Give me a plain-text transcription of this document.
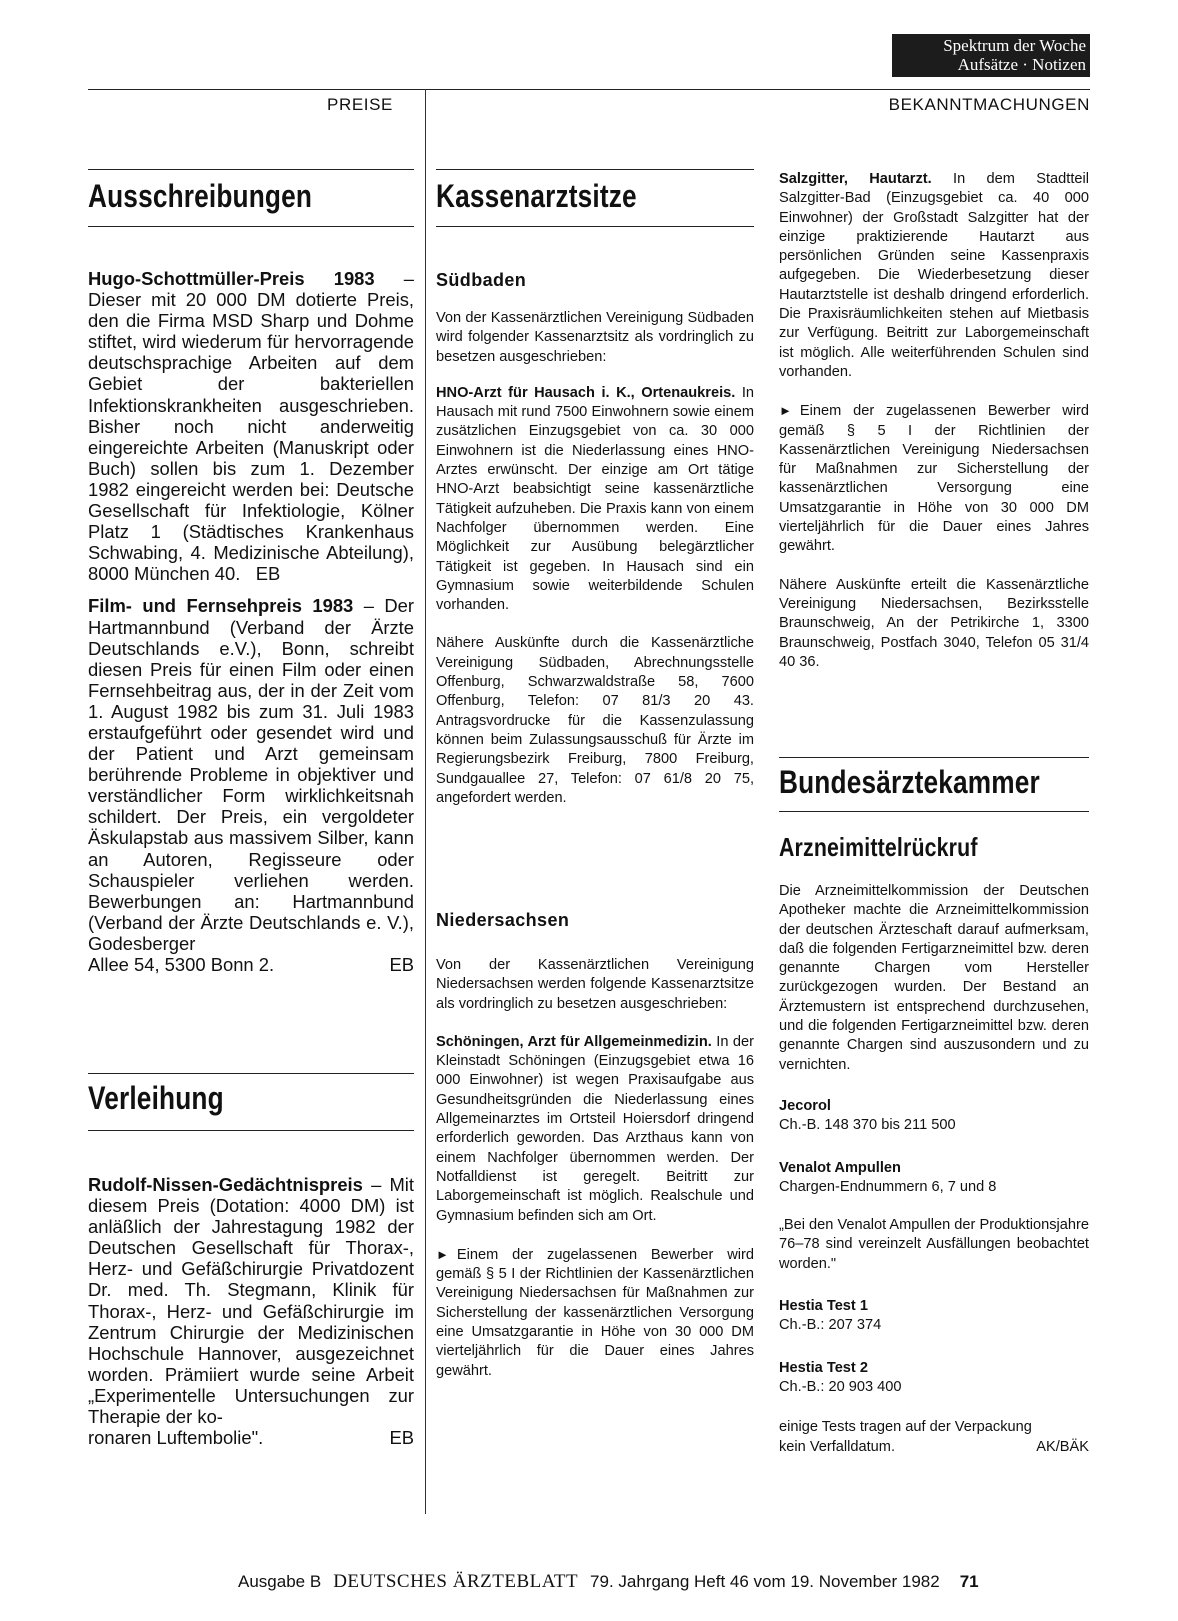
Spektrum der Woche
Aufsätze · Notizen
PREISE	BEKANNTMACHUNGEN
Ausschreibungen

Hugo-Schottmüller-Preis 1983 – Dieser mit 20 000 DM dotierte Preis, den die Firma MSD Sharp und Dohme stiftet, wird wiederum für hervorragende deutschsprachige Arbeiten auf dem Gebiet der bakteriellen Infektionskrankheiten ausgeschrieben. Bisher noch nicht anderweitig eingereichte Arbeiten (Manuskript oder Buch) sollen bis zum 1. Dezember 1982 eingereicht werden bei: Deutsche Gesellschaft für Infektiologie, Kölner Platz 1 (Städtisches Krankenhaus Schwabing, 4. Medizinische Abteilung), 8000 München 40. EB

Film- und Fernsehpreis 1983 – Der Hartmannbund (Verband der Ärzte Deutschlands e.V.), Bonn, schreibt diesen Preis für einen Film oder einen Fernsehbeitrag aus, der in der Zeit vom 1. August 1982 bis zum 31. Juli 1983 erstaufgeführt oder gesendet wird und der Patient und Arzt gemeinsam berührende Probleme in objektiver und verständlicher Form wirklichkeitsnah schildert. Der Preis, ein vergoldeter Äskulapstab aus massivem Silber, kann an Autoren, Regisseure oder Schauspieler verliehen werden. Bewerbungen an: Hartmannbund (Verband der Ärzte Deutschlands e. V.), Godesberger

Allee 54, 5300 Bonn 2.	EB
Verleihung

Rudolf-Nissen-Gedächtnispreis – Mit diesem Preis (Dotation: 4000 DM) ist anläßlich der Jahrestagung 1982 der Deutschen Gesellschaft für Thorax-, Herz- und Gefäßchirurgie Privatdozent Dr. med. Th. Stegmann, Klinik für Thorax-, Herz- und Gefäßchirurgie im Zentrum Chirurgie der Medizinischen Hochschule Hannover, ausgezeichnet worden. Prämiiert wurde seine Arbeit „Experimentelle Untersuchungen zur Therapie der ko-

ronaren Luftembolie".	EB
Kassenarztsitze
Südbaden

Von der Kassenärztlichen Vereinigung Südbaden wird folgender Kassenarztsitz als vordringlich zu besetzen ausgeschrieben:

HNO-Arzt für Hausach i. K., Ortenaukreis. In Hausach mit rund 7500 Einwohnern sowie einem zusätzlichen Einzugsgebiet von ca. 30 000 Einwohnern ist die Niederlassung eines HNO-Arztes erwünscht. Der einzige am Ort tätige HNO-Arzt beabsichtigt seine kassenärztliche Tätigkeit aufzuheben. Die Praxis kann von einem Nachfolger übernommen werden. Eine Möglichkeit zur Ausübung belegärztlicher Tätigkeit ist gegeben. In Hausach sind ein Gymnasium sowie weiterbildende Schulen vorhanden.

Nähere Auskünfte durch die Kassenärztliche Vereinigung Südbaden, Abrechnungsstelle Offenburg, Schwarzwaldstraße 58, 7600 Offenburg, Telefon: 07 81/3 20 43. Antragsvordrucke für die Kassenzulassung können beim Zulassungsausschuß für Ärzte im Regierungsbezirk Freiburg, 7800 Freiburg, Sundgauallee 27, Telefon: 07 61/8 20 75, angefordert werden.

Niedersachsen

Von der Kassenärztlichen Vereinigung Niedersachsen werden folgende Kassenarztsitze als vordringlich zu besetzen ausgeschrieben:

Schöningen, Arzt für Allgemeinmedizin. In der Kleinstadt Schöningen (Einzugsgebiet etwa 16 000 Einwohner) ist wegen Praxisaufgabe aus Gesundheitsgründen die Niederlassung eines Allgemeinarztes im Ortsteil Hoiersdorf dringend erforderlich geworden. Das Arzthaus kann von einem Nachfolger übernommen werden. Der Notfalldienst ist geregelt. Beitritt zur Laborgemeinschaft ist möglich. Realschule und Gymnasium befinden sich am Ort.

► Einem der zugelassenen Bewerber wird gemäß § 5 I der Richtlinien der Kassenärztlichen Vereinigung Niedersachsen für Maßnahmen zur Sicherstellung der kassenärztlichen Versorgung eine Umsatzgarantie in Höhe von 30 000 DM vierteljährlich für die Dauer eines Jahres gewährt.

Salzgitter, Hautarzt. In dem Stadtteil Salzgitter-Bad (Einzugsgebiet ca. 40 000 Einwohner) der Großstadt Salzgitter hat der einzige praktizierende Hautarzt aus persönlichen Gründen seine Kassenpraxis aufgegeben. Die Wiederbesetzung dieser Hautarztstelle ist deshalb dringend erforderlich. Die Praxisräumlichkeiten stehen auf Mietbasis zur Verfügung. Beitritt zur Laborgemeinschaft ist möglich. Alle weiterführenden Schulen sind vorhanden.

► Einem der zugelassenen Bewerber wird gemäß § 5 I der Richtlinien der Kassenärztlichen Vereinigung Niedersachsen für Maßnahmen zur Sicherstellung der kassenärztlichen Versorgung eine Umsatzgarantie in Höhe von 30 000 DM vierteljährlich für die Dauer eines Jahres gewährt.

Nähere Auskünfte erteilt die Kassenärztliche Vereinigung Niedersachsen, Bezirksstelle Braunschweig, An der Petrikirche 1, 3300 Braunschweig, Postfach 3040, Telefon 05 31/4 40 36.

Bundesärztekammer
Arzneimittelrückruf

Die Arzneimittelkommission der Deutschen Apotheker machte die Arzneimittelkommission der deutschen Ärzteschaft darauf aufmerksam, daß die folgenden Fertigarzneimittel bzw. deren genannte Chargen vom Hersteller zurückgezogen wurden. Der Bestand an Ärztemustern ist entsprechend durchzusehen, und die folgenden Fertigarzneimittel bzw. deren genannte Chargen sind auszusondern und zu vernichten.

Jecorol
Ch.-B. 148 370 bis 211 500
Venalot Ampullen
Chargen-Endnummern 6, 7 und 8

„Bei den Venalot Ampullen der Produktionsjahre 76–78 sind vereinzelt Ausfällungen beobachtet worden."

Hestia Test 1
Ch.-B.: 207 374
Hestia Test 2
Ch.-B.: 20 903 400
einige Tests tragen auf der Verpackung
kein Verfalldatum.	AK/BÄK
Ausgabe B DEUTSCHES ÄRZTEBLATT 79. Jahrgang Heft 46 vom 19. November 1982 71
